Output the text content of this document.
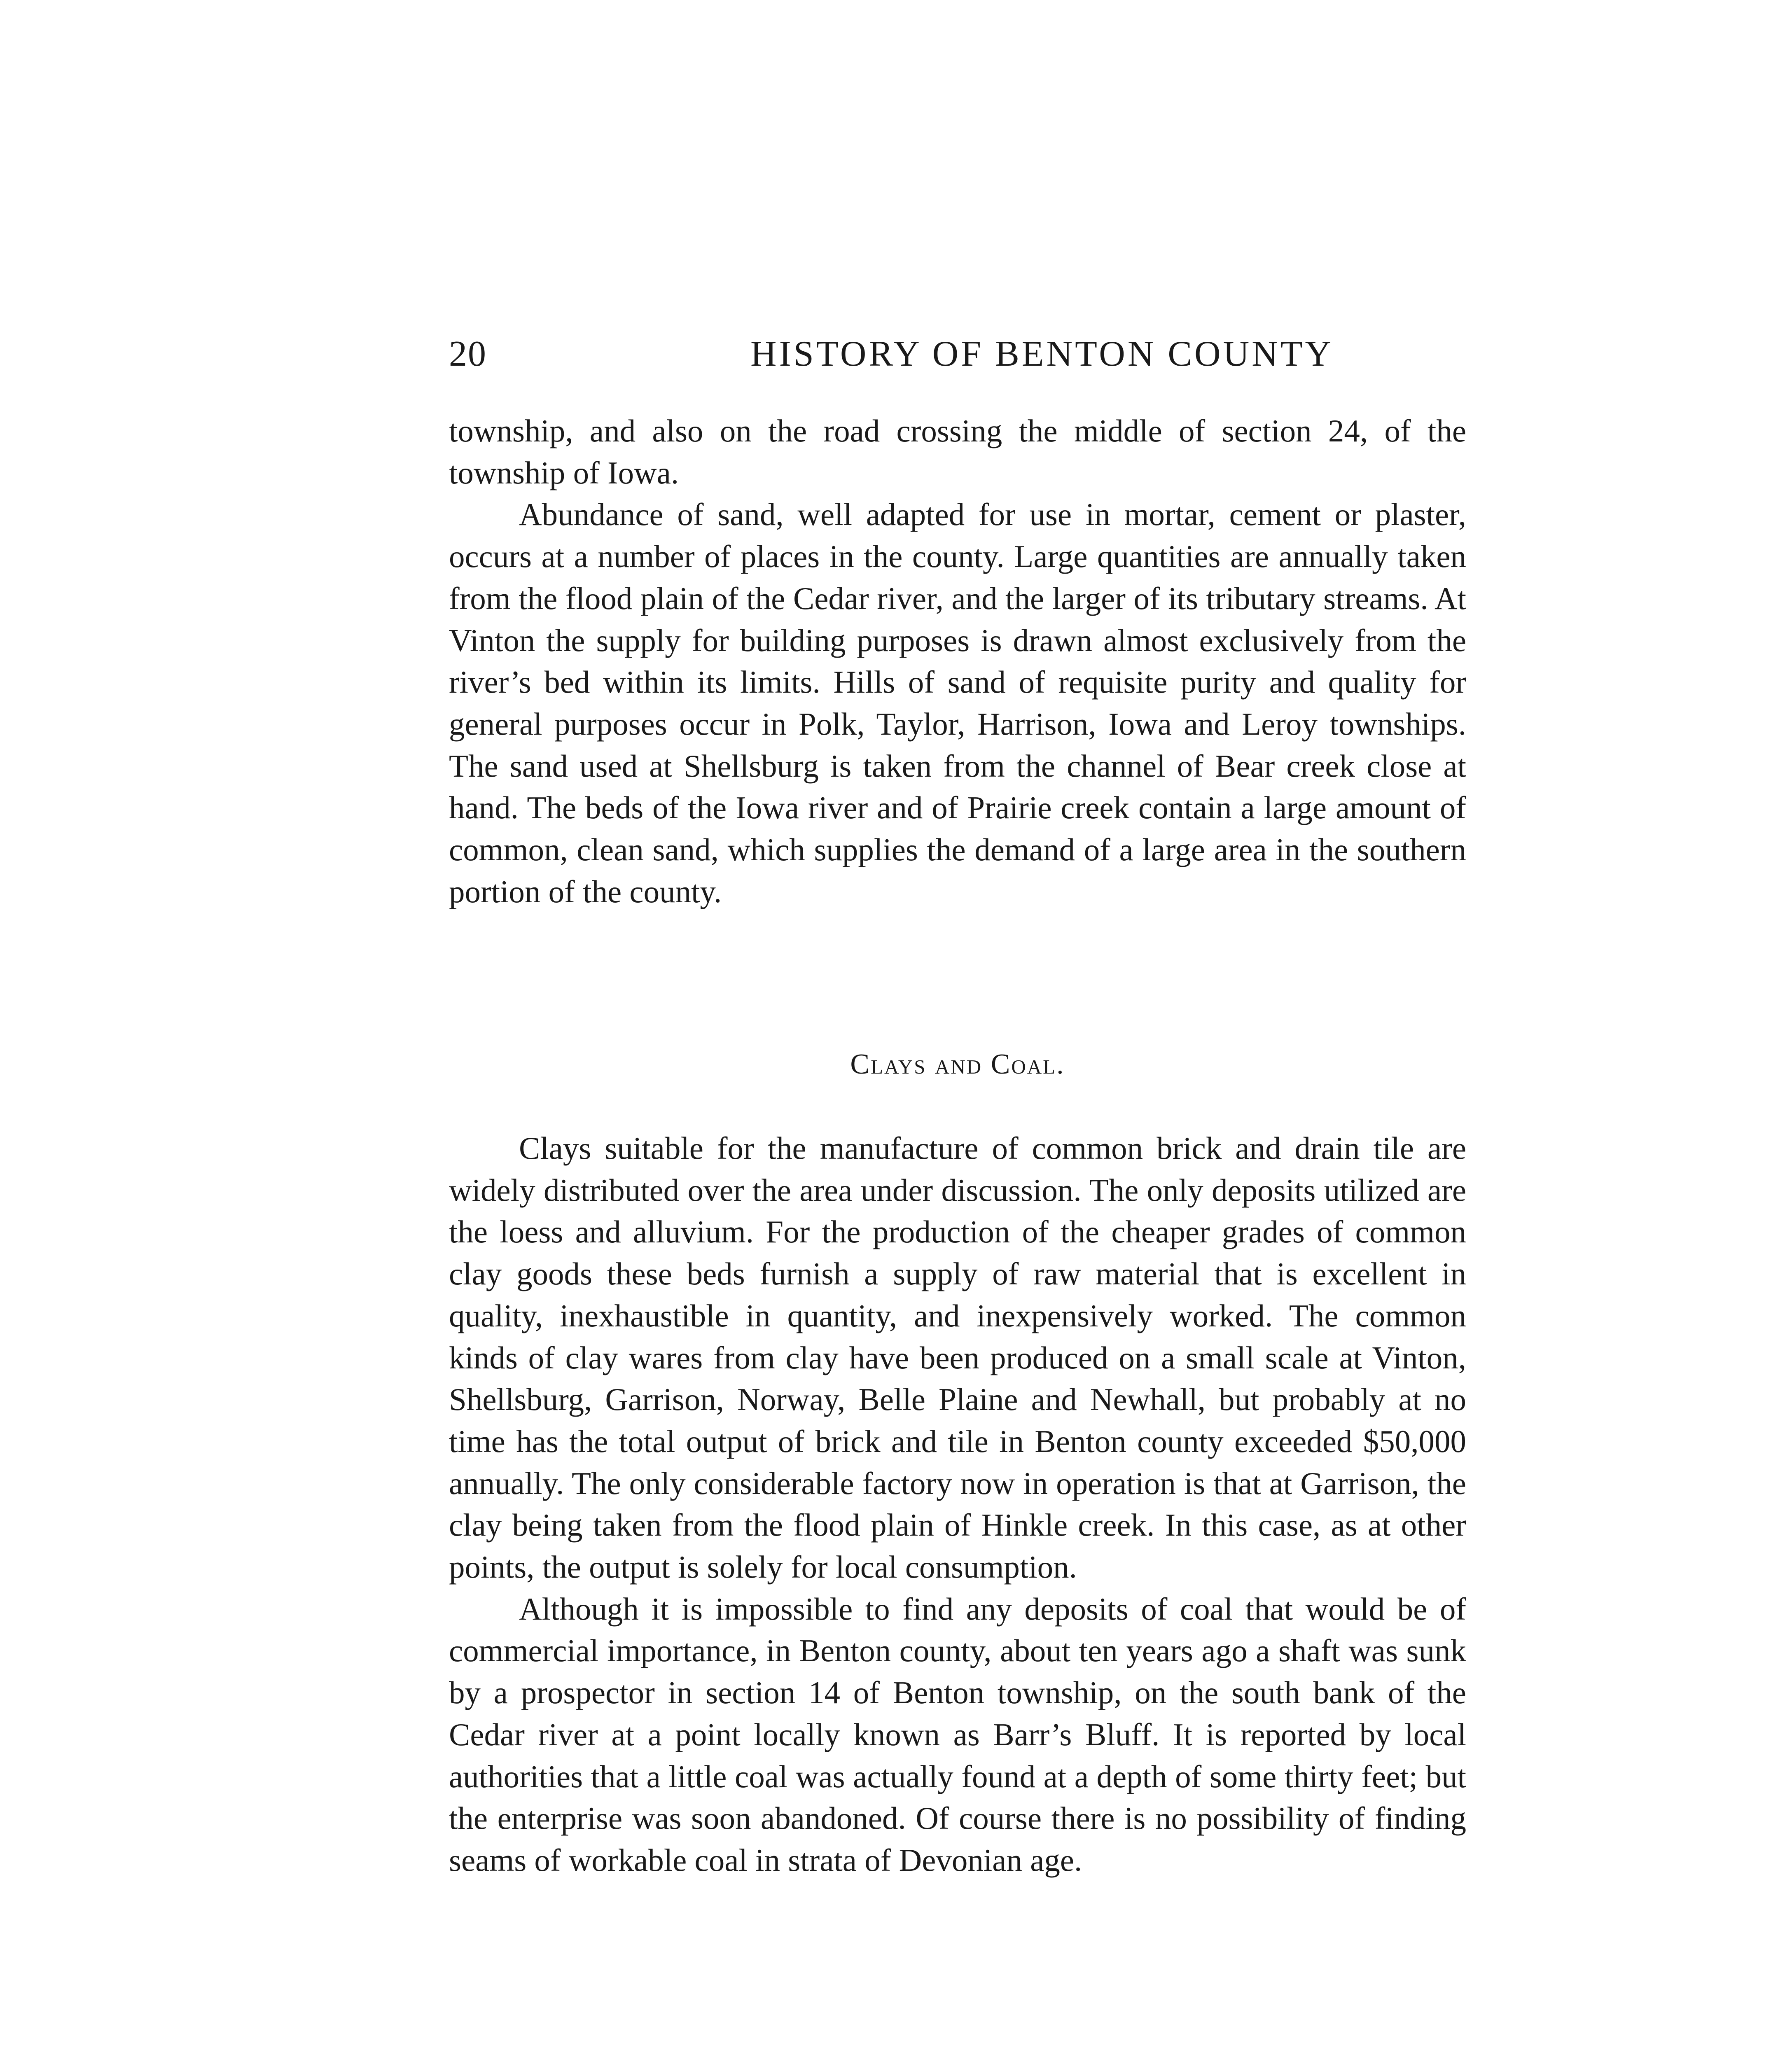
20	HISTORY OF BENTON COUNTY

township, and also on the road crossing the middle of section 24, of the township of Iowa.

Abundance of sand, well adapted for use in mortar, cement or plaster, occurs at a number of places in the county. Large quantities are annually taken from the flood plain of the Cedar river, and the larger of its tributary streams. At Vinton the supply for building purposes is drawn almost exclusively from the river’s bed within its limits. Hills of sand of requisite purity and quality for general purposes occur in Polk, Taylor, Harrison, Iowa and Leroy townships. The sand used at Shellsburg is taken from the channel of Bear creek close at hand. The beds of the Iowa river and of Prairie creek contain a large amount of common, clean sand, which supplies the demand of a large area in the southern portion of the county.

Clays and Coal.

Clays suitable for the manufacture of common brick and drain tile are widely distributed over the area under discussion. The only deposits utilized are the loess and alluvium. For the production of the cheaper grades of common clay goods these beds furnish a supply of raw material that is excellent in quality, inexhaustible in quantity, and inexpensively worked. The common kinds of clay wares from clay have been produced on a small scale at Vinton, Shellsburg, Garrison, Norway, Belle Plaine and Newhall, but probably at no time has the total output of brick and tile in Benton county exceeded $50,000 annually. The only considerable factory now in operation is that at Garrison, the clay being taken from the flood plain of Hinkle creek. In this case, as at other points, the output is solely for local consumption.

Although it is impossible to find any deposits of coal that would be of commercial importance, in Benton county, about ten years ago a shaft was sunk by a prospector in section 14 of Benton township, on the south bank of the Cedar river at a point locally known as Barr’s Bluff. It is reported by local authorities that a little coal was actually found at a depth of some thirty feet; but the enterprise was soon abandoned. Of course there is no possibility of finding seams of workable coal in strata of Devonian age.
